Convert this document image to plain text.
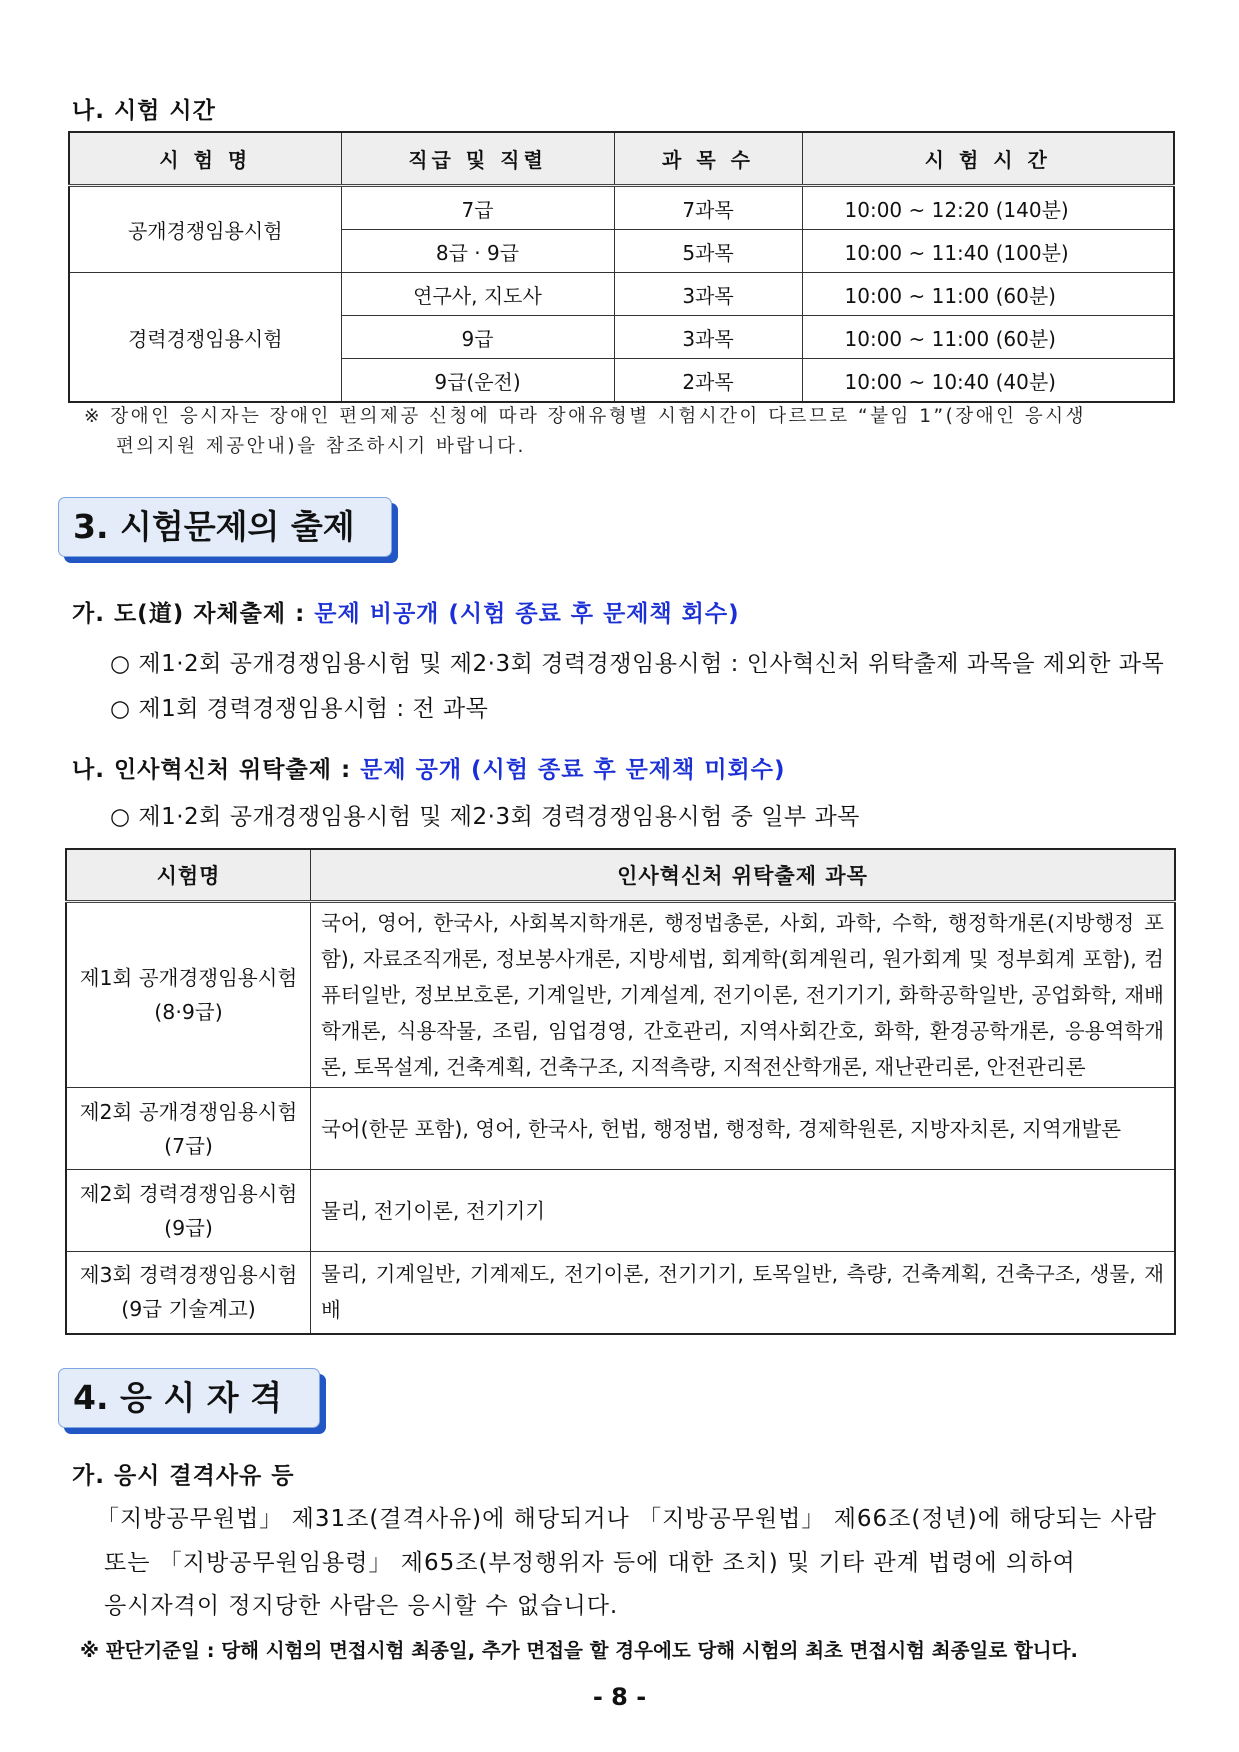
나. 시험 시간
시 험 명	직급 및 직렬	과 목 수	시 험 시 간
공개경쟁임용시험	7급	7과목	10:00 ~ 12:20 (140분)
	8급 · 9급	5과목	10:00 ~ 11:40 (100분)
경력경쟁임용시험	연구사, 지도사	3과목	10:00 ~ 11:00 (60분)
	9급	3과목	10:00 ~ 11:00 (60분)
	9급(운전)	2과목	10:00 ~ 10:40 (40분)
※ 장애인 응시자는 장애인 편의제공 신청에 따라 장애유형별 시험시간이 다르므로 “붙임 1”(장애인 응시생
편의지원 제공안내)을 참조하시기 바랍니다.
3. 시험문제의 출제
가. 도(道) 자체출제 : 문제 비공개 (시험 종료 후 문제책 회수)
○ 제1·2회 공개경쟁임용시험 및 제2·3회 경력경쟁임용시험 : 인사혁신처 위탁출제 과목을 제외한 과목
○ 제1회 경력경쟁임용시험 : 전 과목
나. 인사혁신처 위탁출제 : 문제 공개 (시험 종료 후 문제책 미회수)
○ 제1·2회 공개경쟁임용시험 및 제2·3회 경력경쟁임용시험 중 일부 과목
시험명	인사혁신처 위탁출제 과목

제1회 공개경쟁임용시험
(8·9급)	국어, 영어, 한국사, 사회복지학개론, 행정법총론, 사회, 과학, 수학, 행정학개론(지방행정 포함), 자료조직개론, 정보봉사개론, 지방세법, 회계학(회계원리, 원가회계 및 정부회계 포함), 컴퓨터일반, 정보보호론, 기계일반, 기계설계, 전기이론, 전기기기, 화학공학일반, 공업화학, 재배학개론, 식용작물, 조림, 임업경영, 간호관리, 지역사회간호, 화학, 환경공학개론, 응용역학개론, 토목설계, 건축계획, 건축구조, 지적측량, 지적전산학개론, 재난관리론, 안전관리론

제2회 공개경쟁임용시험
(7급)	국어(한문 포함), 영어, 한국사, 헌법, 행정법, 행정학, 경제학원론, 지방자치론, 지역개발론

제2회 경력경쟁임용시험
(9급)	물리, 전기이론, 전기기기

제3회 경력경쟁임용시험
(9급 기술계고)	물리, 기계일반, 기계제도, 전기이론, 전기기기, 토목일반, 측량, 건축계획, 건축구조, 생물, 재배
4. 응 시 자 격
가. 응시 결격사유 등
「지방공무원법」 제31조(결격사유)에 해당되거나 「지방공무원법」 제66조(정년)에 해당되는 사람
또는 「지방공무원임용령」 제65조(부정행위자 등에 대한 조치) 및 기타 관계 법령에 의하여
응시자격이 정지당한 사람은 응시할 수 없습니다.
※ 판단기준일 : 당해 시험의 면접시험 최종일, 추가 면접을 할 경우에도 당해 시험의 최초 면접시험 최종일로 합니다.
- 8 -
